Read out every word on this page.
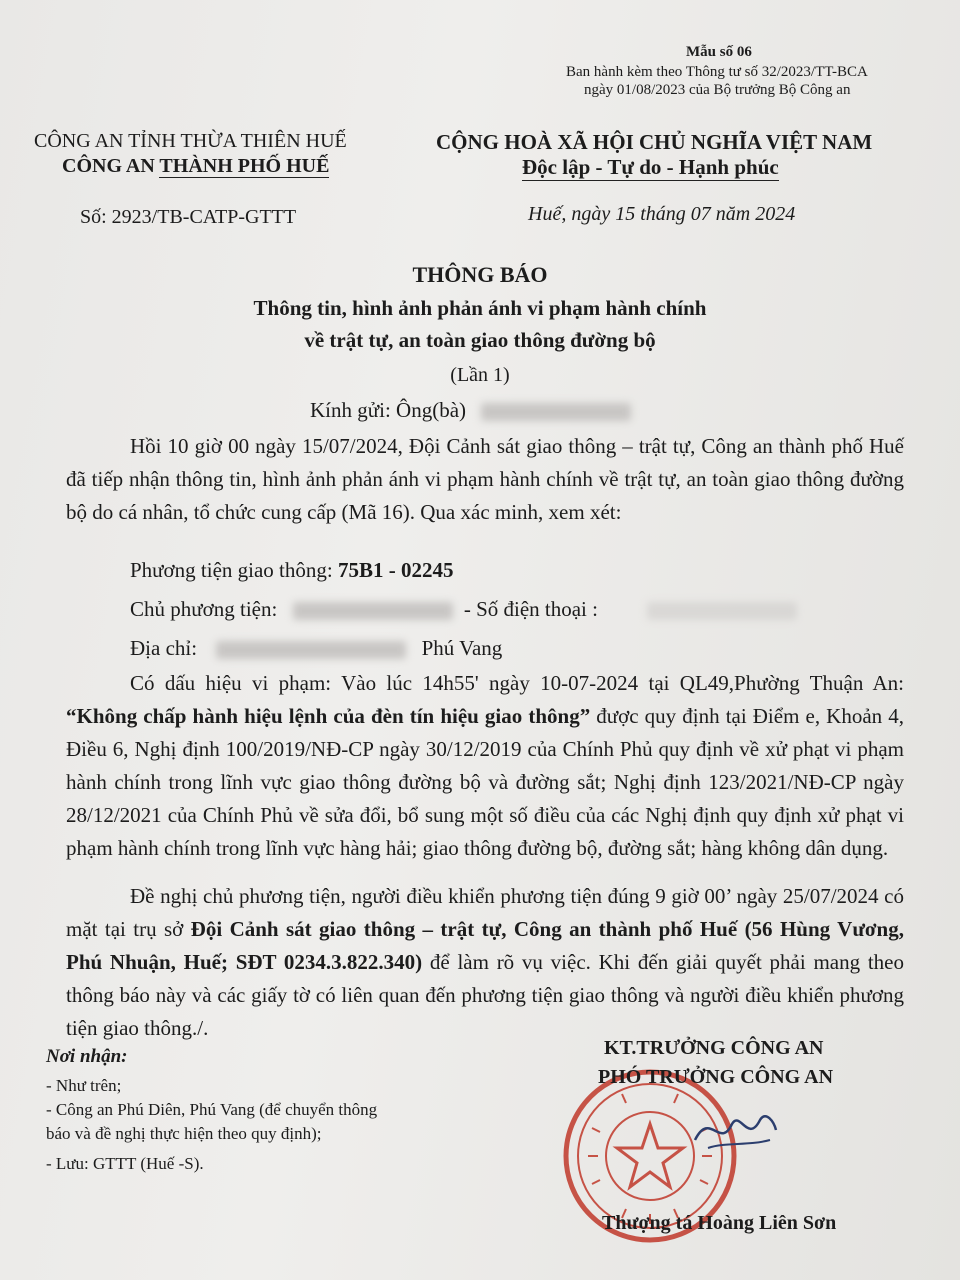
Mẫu số 06
Ban hành kèm theo Thông tư số 32/2023/TT-BCA
ngày 01/08/2023 của Bộ trưởng Bộ Công an
CÔNG AN TỈNH THỪA THIÊN HUẾ
CÔNG AN THÀNH PHỐ HUẾ
CỘNG HOÀ XÃ HỘI CHỦ NGHĨA VIỆT NAM
Độc lập - Tự do - Hạnh phúc
Số: 2923/TB-CATP-GTTT	Huế, ngày 15 tháng 07 năm 2024
THÔNG BÁO
Thông tin, hình ảnh phản ánh vi phạm hành chính
về trật tự, an toàn giao thông đường bộ
(Lần 1)
Kính gửi: Ông(bà)

Hồi 10 giờ 00 ngày 15/07/2024, Đội Cảnh sát giao thông – trật tự, Công an thành phố Huế đã tiếp nhận thông tin, hình ảnh phản ánh vi phạm hành chính về trật tự, an toàn giao thông đường bộ do cá nhân, tổ chức cung cấp (Mã 16). Qua xác minh, xem xét:

Phương tiện giao thông: 75B1 - 02245
Chủ phương tiện:	- Số điện thoại :
Địa chỉ:	Phú Vang

Có dấu hiệu vi phạm: Vào lúc 14h55' ngày 10-07-2024 tại QL49,Phường Thuận An: “Không chấp hành hiệu lệnh của đèn tín hiệu giao thông” được quy định tại Điểm e, Khoản 4, Điều 6, Nghị định 100/2019/NĐ-CP ngày 30/12/2019 của Chính Phủ quy định về xử phạt vi phạm hành chính trong lĩnh vực giao thông đường bộ và đường sắt; Nghị định 123/2021/NĐ-CP ngày 28/12/2021 của Chính Phủ về sửa đổi, bổ sung một số điều của các Nghị định quy định xử phạt vi phạm hành chính trong lĩnh vực hàng hải; giao thông đường bộ, đường sắt; hàng không dân dụng.

Đề nghị chủ phương tiện, người điều khiển phương tiện đúng 9 giờ 00’ ngày 25/07/2024 có mặt tại trụ sở Đội Cảnh sát giao thông – trật tự, Công an thành phố Huế (56 Hùng Vương, Phú Nhuận, Huế; SĐT 0234.3.822.340) để làm rõ vụ việc. Khi đến giải quyết phải mang theo thông báo này và các giấy tờ có liên quan đến phương tiện giao thông và người điều khiển phương tiện giao thông./.

Nơi nhận:
- Như trên;
- Công an Phú Diên, Phú Vang (để chuyển thông
báo và đề nghị thực hiện theo quy định);
- Lưu: GTTT (Huế -S).
KT.TRƯỞNG CÔNG AN
PHÓ TRƯỞNG CÔNG AN
Thượng tá Hoàng Liên Sơn
